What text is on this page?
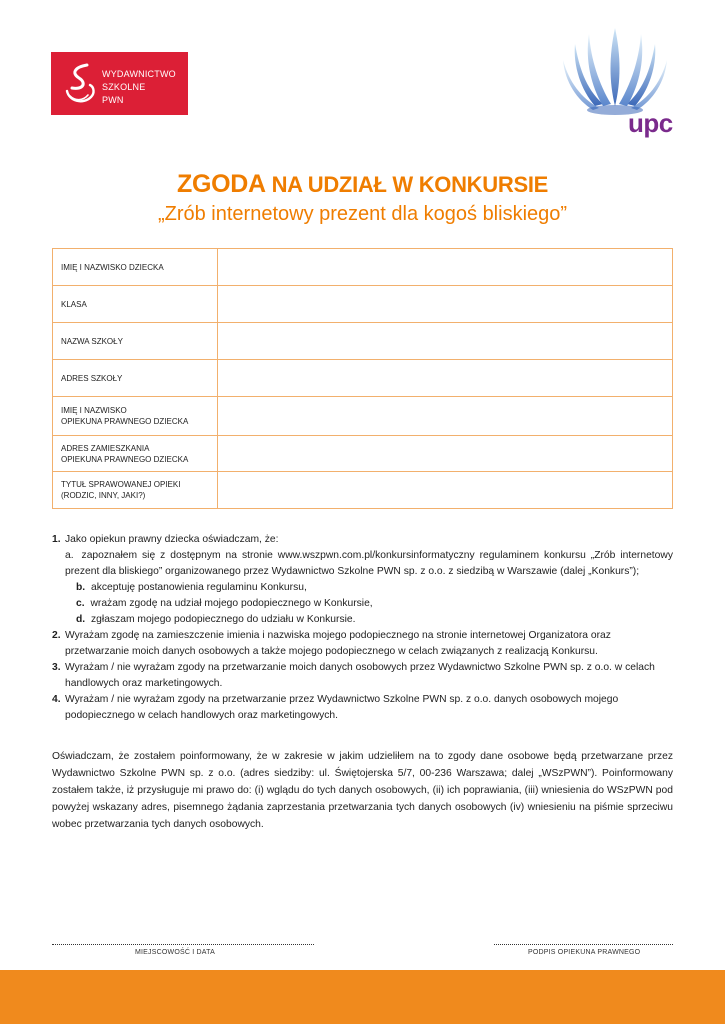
WYDAWNICTWO
SZKOLNE
PWN
upc
ZGODA NA UDZIAŁ W KONKURSIE
„Zrób internetowy prezent dla kogoś bliskiego”
IMIĘ I NAZWISKO DZIECKA	
KLASA	
NAZWA SZKOŁY	
ADRES SZKOŁY	
IMIĘ I NAZWISKO
OPIEKUNA PRAWNEGO DZIECKA	
ADRES ZAMIESZKANIA
OPIEKUNA PRAWNEGO DZIECKA	
TYTUŁ SPRAWOWANEJ OPIEKI
(RODZIC, INNY, JAKI?)	
1. Jako opiekun prawny dziecka oświadczam, że:
a. zapoznałem się z dostępnym na stronie www.wszpwn.com.pl/konkursinformatyczny regulaminem konkursu „Zrób internetowy prezent dla bliskiego” organizowanego przez Wydawnictwo Szkolne PWN sp. z o.o. z siedzibą w Warszawie (dalej „Konkurs”);
b. akceptuję postanowienia regulaminu Konkursu,
c. wrażam zgodę na udział mojego podopiecznego w Konkursie,
d. zgłaszam mojego podopiecznego do udziału w Konkursie.
2. Wyrażam zgodę na zamieszczenie imienia i nazwiska mojego podopiecznego na stronie internetowej Organizatora oraz przetwarzanie moich danych osobowych a także mojego podopiecznego w celach związanych z realizacją Konkursu.
3. Wyrażam / nie wyrażam zgody na przetwarzanie moich danych osobowych przez Wydawnictwo Szkolne PWN sp. z o.o. w celach handlowych oraz marketingowych.
4. Wyrażam / nie wyrażam zgody na przetwarzanie przez Wydawnictwo Szkolne PWN sp. z o.o. danych osobowych mojego podopiecznego w celach handlowych oraz marketingowych.
Oświadczam, że zostałem poinformowany, że w zakresie w jakim udzieliłem na to zgody dane osobowe będą przetwarzane przez Wydawnictwo Szkolne PWN sp. z o.o. (adres siedziby: ul. Świętojerska 5/7, 00-236 Warszawa; dalej „WSzPWN”). Poinformowany zostałem także, iż przysługuje mi prawo do: (i) wglądu do tych danych osobowych, (ii) ich poprawiania, (iii) wniesienia do WSzPWN pod powyżej wskazany adres, pisemnego żądania zaprzestania przetwarzania tych danych osobowych (iv) wniesieniu na piśmie sprzeciwu wobec przetwarzania tych danych osobowych.
MIEJSCOWOŚĆ I DATA	PODPIS OPIEKUNA PRAWNEGO
